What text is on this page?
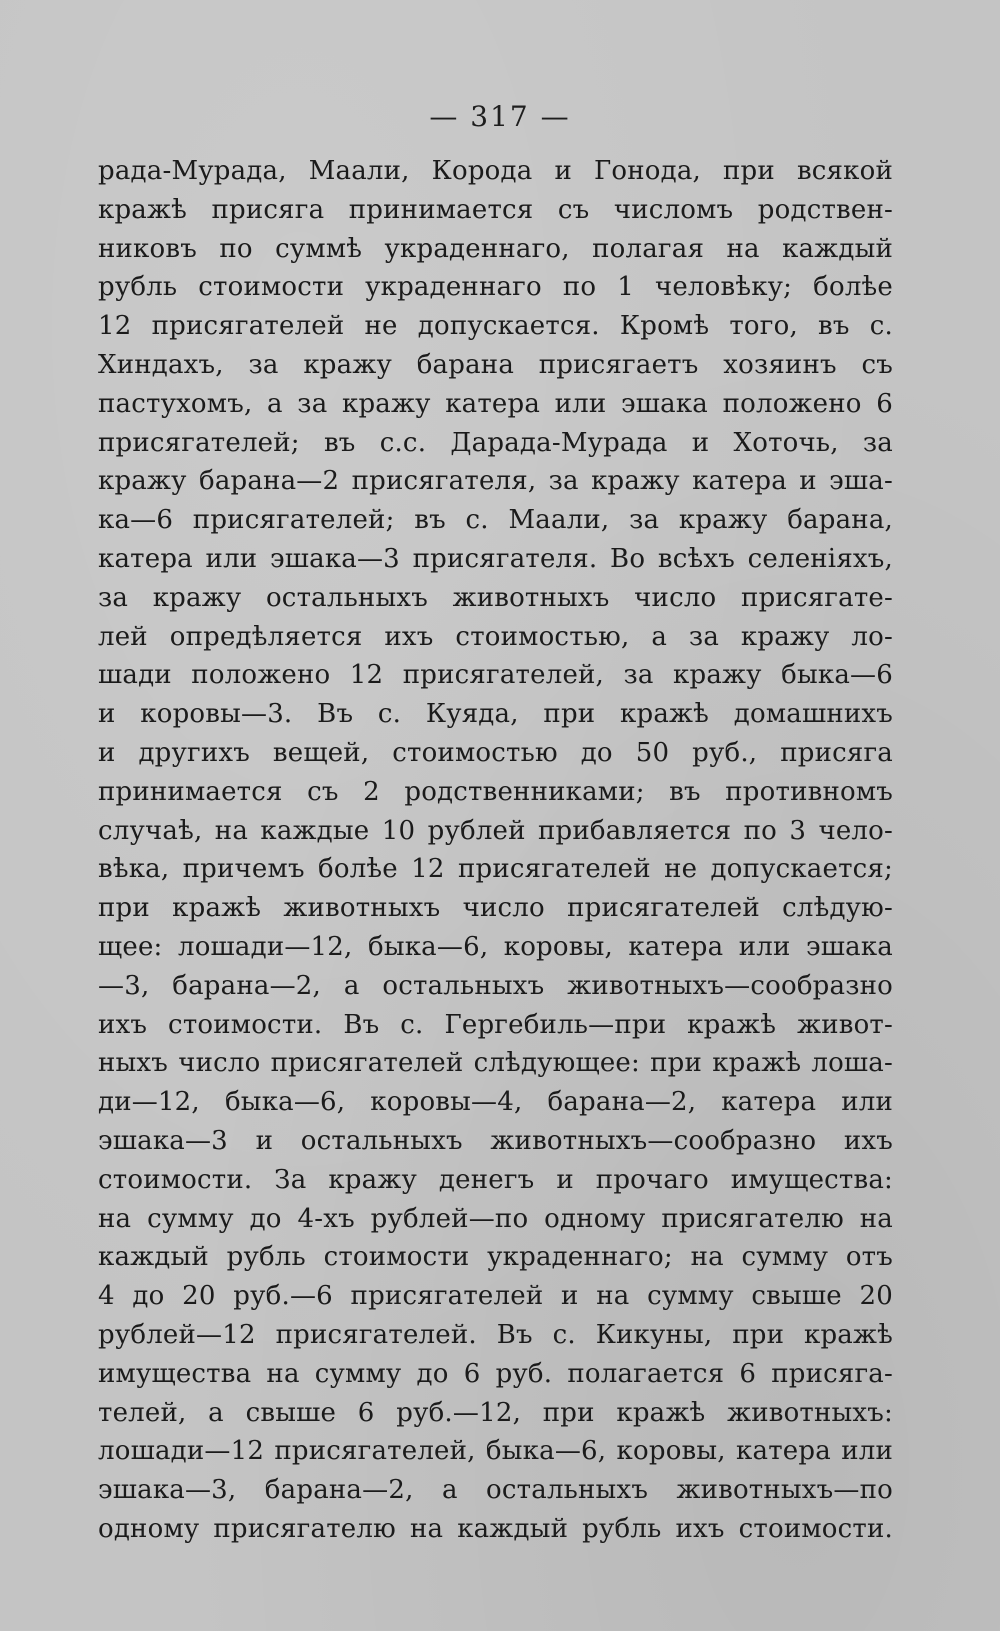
— 317 —
рада-Мурада, Маали, Корода и Гонода, при всякой
кражѣ присяга принимается съ числомъ родствен-
никовъ по суммѣ украденнаго, полагая на каждый
рубль стоимости украденнаго по 1 человѣку; болѣе
12 присягателей не допускается. Кромѣ того, въ с.
Хиндахъ, за кражу барана присягаетъ хозяинъ съ
пастухомъ, а за кражу катера или эшака положено 6
присягателей; въ с.с. Дарада-Мурада и Хоточь, за
кражу барана—2 присягателя, за кражу катера и эша-
ка—6 присягателей; въ с. Маали, за кражу барана,
катера или эшака—3 присягателя. Во всѣхъ селеніяхъ,
за кражу остальныхъ животныхъ число присягате-
лей опредѣляется ихъ стоимостью, а за кражу ло-
шади положено 12 присягателей, за кражу быка—6
и коровы—3. Въ с. Куяда, при кражѣ домашнихъ
и другихъ вещей, стоимостью до 50 руб., присяга
принимается съ 2 родственниками; въ противномъ
случаѣ, на каждые 10 рублей прибавляется по 3 чело-
вѣка, причемъ болѣе 12 присягателей не допускается;
при кражѣ животныхъ число присягателей слѣдую-
щее: лошади—12, быка—6, коровы, катера или эшака
—3, барана—2, а остальныхъ животныхъ—сообразно
ихъ стоимости. Въ с. Гергебиль—при кражѣ живот-
ныхъ число присягателей слѣдующее: при кражѣ лоша-
ди—12, быка—6, коровы—4, барана—2, катера или
эшака—3 и остальныхъ животныхъ—сообразно ихъ
стоимости. За кражу денегъ и прочаго имущества:
на сумму до 4-хъ рублей—по одному присягателю на
каждый рубль стоимости украденнаго; на сумму отъ
4 до 20 руб.—6 присягателей и на сумму свыше 20
рублей—12 присягателей. Въ с. Кикуны, при кражѣ
имущества на сумму до 6 руб. полагается 6 присяга-
телей, а свыше 6 руб.—12, при кражѣ животныхъ:
лошади—12 присягателей, быка—6, коровы, катера или
эшака—3, барана—2, а остальныхъ животныхъ—по
одному присягателю на каждый рубль ихъ стоимости.
